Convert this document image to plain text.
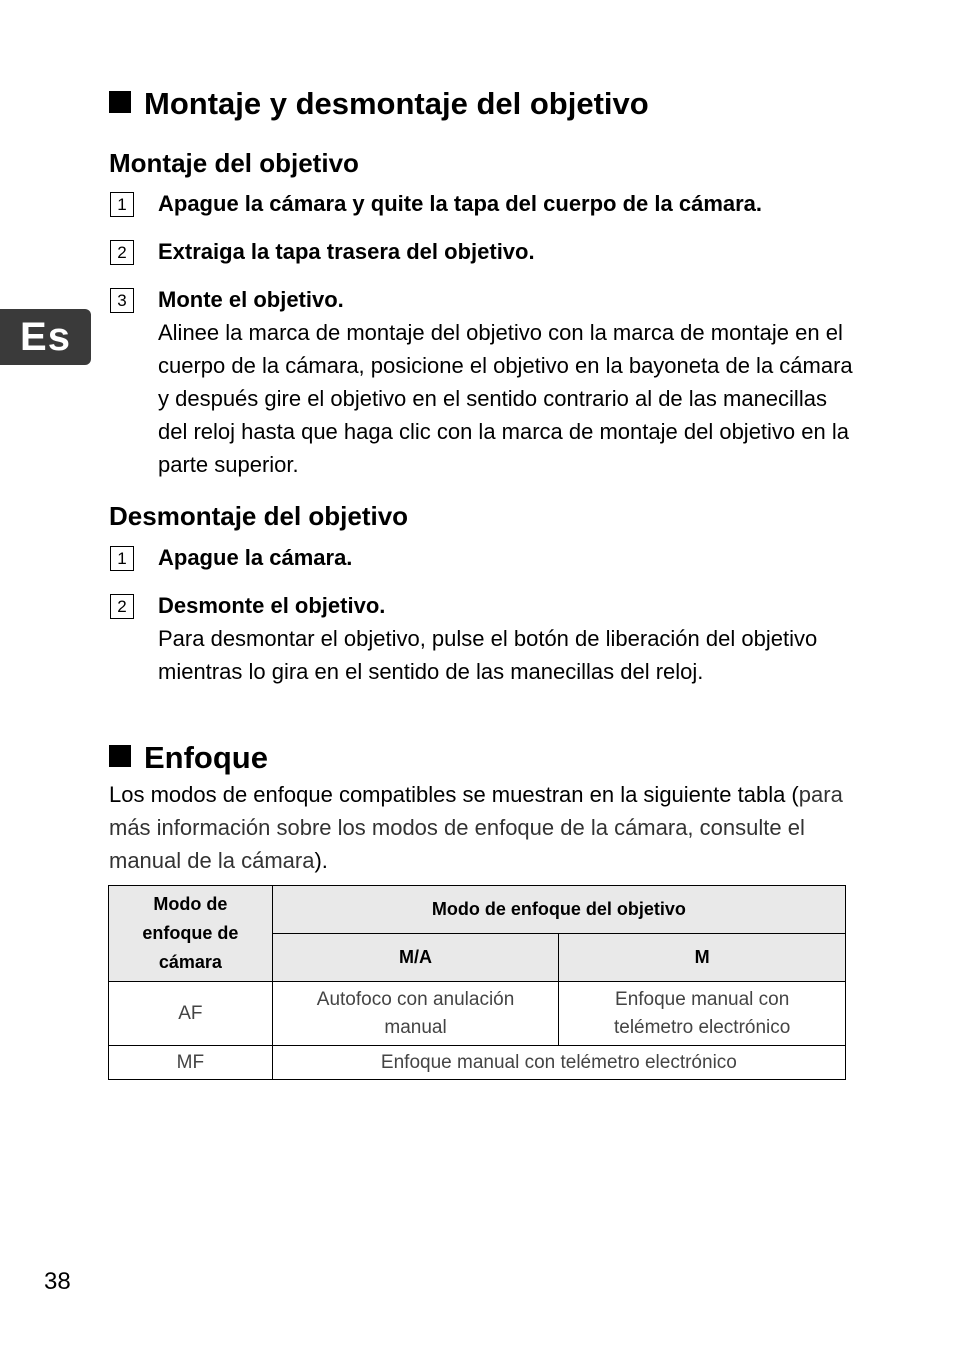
Es
Montaje y desmontaje del objetivo
Montaje del objetivo
1	Apague la cámara y quite la tapa del cuerpo de la cámara.
2	Extraiga la tapa trasera del objetivo.
3	Monte el objetivo.
Alinee la marca de montaje del objetivo con la marca de montaje en el cuerpo de la cámara, posicione el objetivo en la bayoneta de la cámara y después gire el objetivo en el sentido contrario al de las manecillas del reloj hasta que haga clic con la marca de montaje del objetivo en la parte superior.
Desmontaje del objetivo
1	Apague la cámara.
2	Desmonte el objetivo.
Para desmontar el objetivo, pulse el botón de liberación del objetivo mientras lo gira en el sentido de las manecillas del reloj.
Enfoque

Los modos de enfoque compatibles se muestran en la siguiente tabla (para más información sobre los modos de enfoque de la cámara, consulte el manual de la cámara).

Modo de enfoque de cámara	Modo de enfoque del objetivo	
	M/A	M
AF	Autofoco con anulación manual	Enfoque manual con telémetro electrónico
MF	Enfoque manual con telémetro electrónico	
38
